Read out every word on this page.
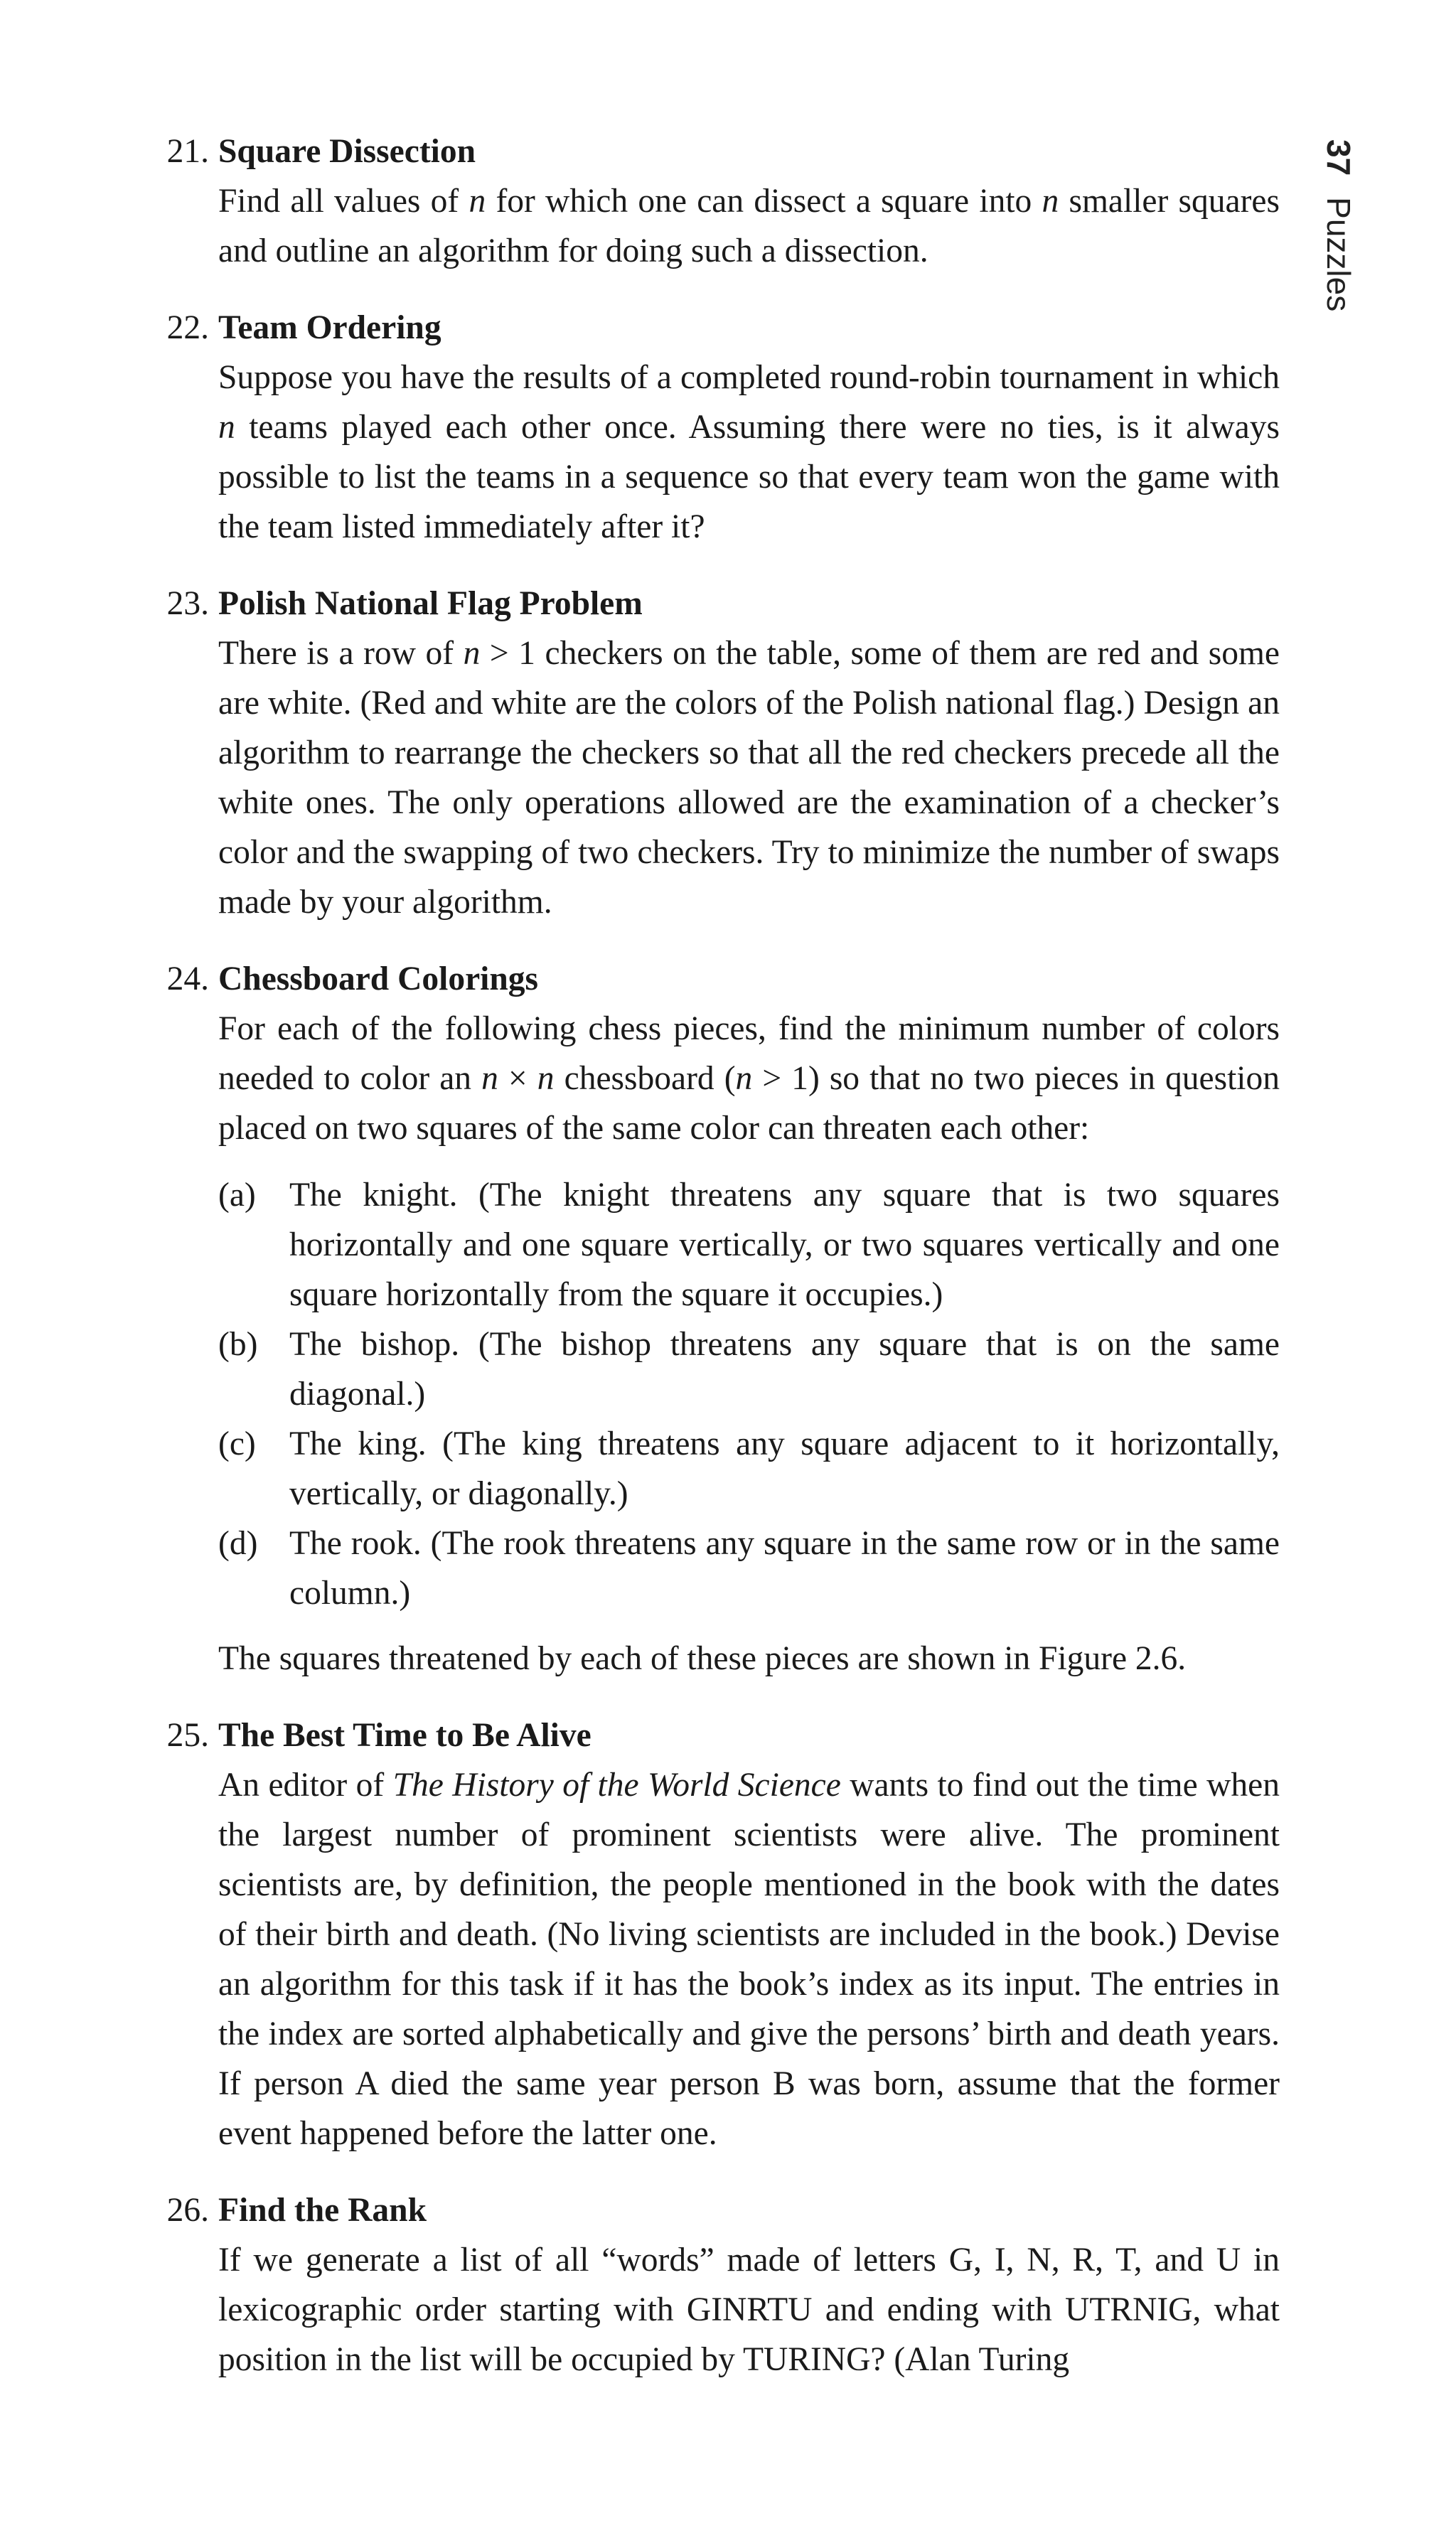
37Puzzles
21. Square Dissection

Find all values of n for which one can dissect a square into n smaller squares and outline an algorithm for doing such a dissection.

22. Team Ordering

Suppose you have the results of a completed round-robin tournament in which n teams played each other once. Assuming there were no ties, is it always possible to list the teams in a sequence so that every team won the game with the team listed immediately after it?

23. Polish National Flag Problem

There is a row of n > 1 checkers on the table, some of them are red and some are white. (Red and white are the colors of the Polish national flag.) Design an algorithm to rearrange the checkers so that all the red checkers precede all the white ones. The only operations allowed are the examination of a checker’s color and the swapping of two checkers. Try to minimize the number of swaps made by your algorithm.

24. Chessboard Colorings

For each of the following chess pieces, find the minimum number of colors needed to color an n × n chessboard (n > 1) so that no two pieces in question placed on two squares of the same color can threaten each other:

(a) The knight. (The knight threatens any square that is two squares horizontally and one square vertically, or two squares vertically and one square horizontally from the square it occupies.)
(b) The bishop. (The bishop threatens any square that is on the same diagonal.)
(c) The king. (The king threatens any square adjacent to it horizontally, vertically, or diagonally.)
(d) The rook. (The rook threatens any square in the same row or in the same column.)

The squares threatened by each of these pieces are shown in Figure 2.6.

25. The Best Time to Be Alive

An editor of The History of the World Science wants to find out the time when the largest number of prominent scientists were alive. The prominent scientists are, by definition, the people mentioned in the book with the dates of their birth and death. (No living scientists are included in the book.) Devise an algorithm for this task if it has the book’s index as its input. The entries in the index are sorted alphabetically and give the persons’ birth and death years. If person A died the same year person B was born, assume that the former event happened before the latter one.

26. Find the Rank

If we generate a list of all “words” made of letters G, I, N, R, T, and U in lexicographic order starting with GINRTU and ending with UTRNIG, what position in the list will be occupied by TURING? (Alan Turing
